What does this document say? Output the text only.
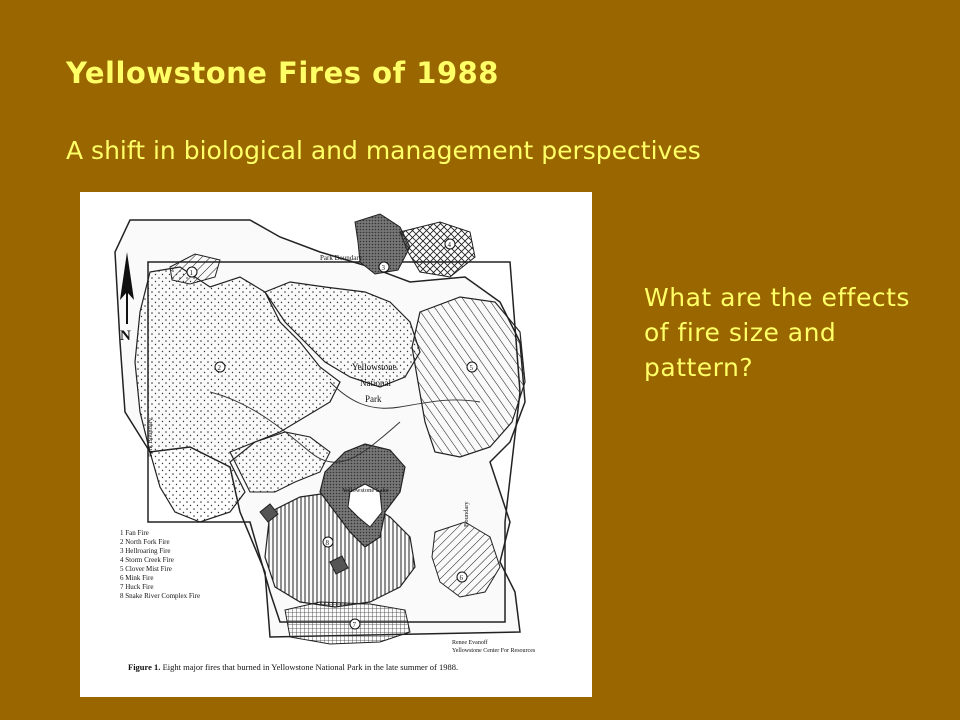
Yellowstone Fires of 1988

A shift in biological and management perspectives

What are the effects of fire size and pattern?

N
Park Boundary
Yellowstone
National
Park
Yellowstone Lake
Park Boundary
Boundary
1
2
3
4
5
6
7
8
1 Fan Fire
2 North Fork Fire
3 Hellroaring Fire
4 Storm Creek Fire
5 Clover Mist Fire
6 Mink Fire
7 Huck Fire
8 Snake River Complex Fire
Renee Evanoff
Yellowstone Center For Resources
Figure 1. Eight major fires that burned in Yellowstone National Park in the late summer of 1988.
